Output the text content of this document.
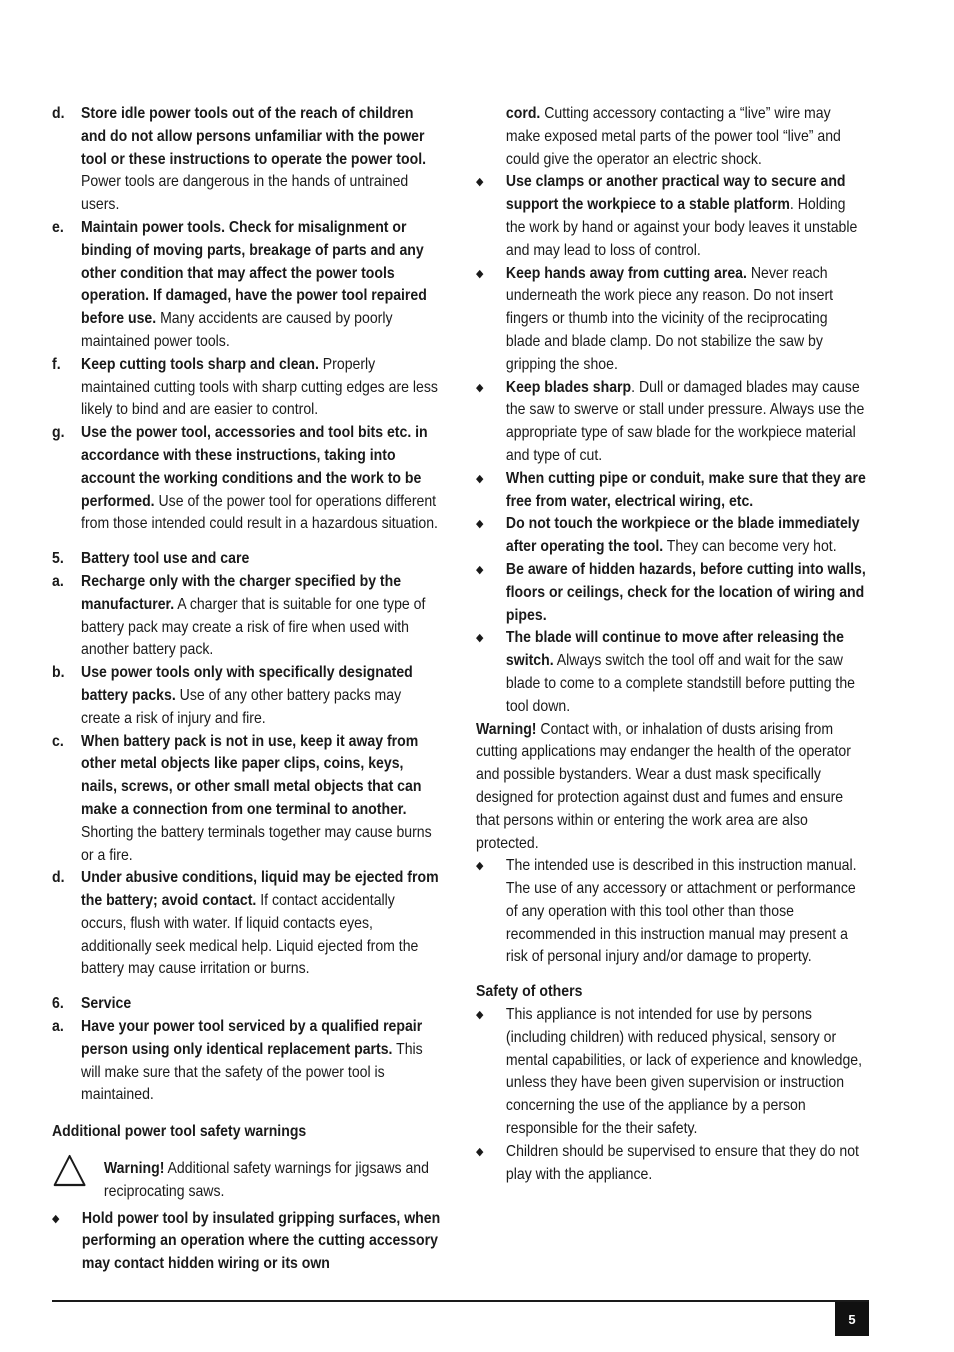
d. Store idle power tools out of the reach of children and do not allow persons unfamiliar with the power tool or these instructions to operate the power tool. Power tools are dangerous in the hands of untrained users.
e. Maintain power tools. Check for misalignment or binding of moving parts, breakage of parts and any other condition that may affect the power tools operation. If damaged, have the power tool repaired before use. Many accidents are caused by poorly maintained power tools.
f. Keep cutting tools sharp and clean. Properly maintained cutting tools with sharp cutting edges are less likely to bind and are easier to control.
g. Use the power tool, accessories and tool bits etc. in accordance with these instructions, taking into account the working conditions and the work to be performed. Use of the power tool for operations different from those intended could result in a hazardous situation.
5. Battery tool use and care
a. Recharge only with the charger specified by the manufacturer. A charger that is suitable for one type of battery pack may create a risk of fire when used with another battery pack.
b. Use power tools only with specifically designated battery packs. Use of any other battery packs may create a risk of injury and fire.
c. When battery pack is not in use, keep it away from other metal objects like paper clips, coins, keys, nails, screws, or other small metal objects that can make a connection from one terminal to another. Shorting the battery terminals together may cause burns or a fire.
d. Under abusive conditions, liquid may be ejected from the battery; avoid contact. If contact accidentally occurs, flush with water. If liquid contacts eyes, additionally seek medical help. Liquid ejected from the battery may cause irritation or burns.
6. Service
a. Have your power tool serviced by a qualified repair person using only identical replacement parts. This will make sure that the safety of the power tool is maintained.
Additional power tool safety warnings
Warning! Additional safety warnings for jigsaws and reciprocating saws.
◆ Hold power tool by insulated gripping surfaces, when performing an operation where the cutting accessory may contact hidden wiring or its own
cord. Cutting accessory contacting a “live” wire may make exposed metal parts of the power tool “live” and could give the operator an electric shock.
◆ Use clamps or another practical way to secure and support the workpiece to a stable platform. Holding the work by hand or against your body leaves it unstable and may lead to loss of control.
◆ Keep hands away from cutting area. Never reach underneath the work piece any reason. Do not insert fingers or thumb into the vicinity of the reciprocating blade and blade clamp. Do not stabilize the saw by gripping the shoe.
◆ Keep blades sharp. Dull or damaged blades may cause the saw to swerve or stall under pressure. Always use the appropriate type of saw blade for the workpiece material and type of cut.
◆ When cutting pipe or conduit, make sure that they are free from water, electrical wiring, etc.
◆ Do not touch the workpiece or the blade immediately after operating the tool. They can become very hot.
◆ Be aware of hidden hazards, before cutting into walls, floors or ceilings, check for the location of wiring and pipes.
◆ The blade will continue to move after releasing the switch. Always switch the tool off and wait for the saw blade to come to a complete standstill before putting the tool down.
Warning! Contact with, or inhalation of dusts arising from cutting applications may endanger the health of the operator and possible bystanders. Wear a dust mask specifically designed for protection against dust and fumes and ensure that persons within or entering the work area are also protected.
◆ The intended use is described in this instruction manual. The use of any accessory or attachment or performance of any operation with this tool other than those recommended in this instruction manual may present a risk of personal injury and/or damage to property.
Safety of others
◆ This appliance is not intended for use by persons (including children) with reduced physical, sensory or mental capabilities, or lack of experience and knowledge, unless they have been given supervision or instruction concerning the use of the appliance by a person responsible for the their safety.
◆ Children should be supervised to ensure that they do not play with the appliance.
5
